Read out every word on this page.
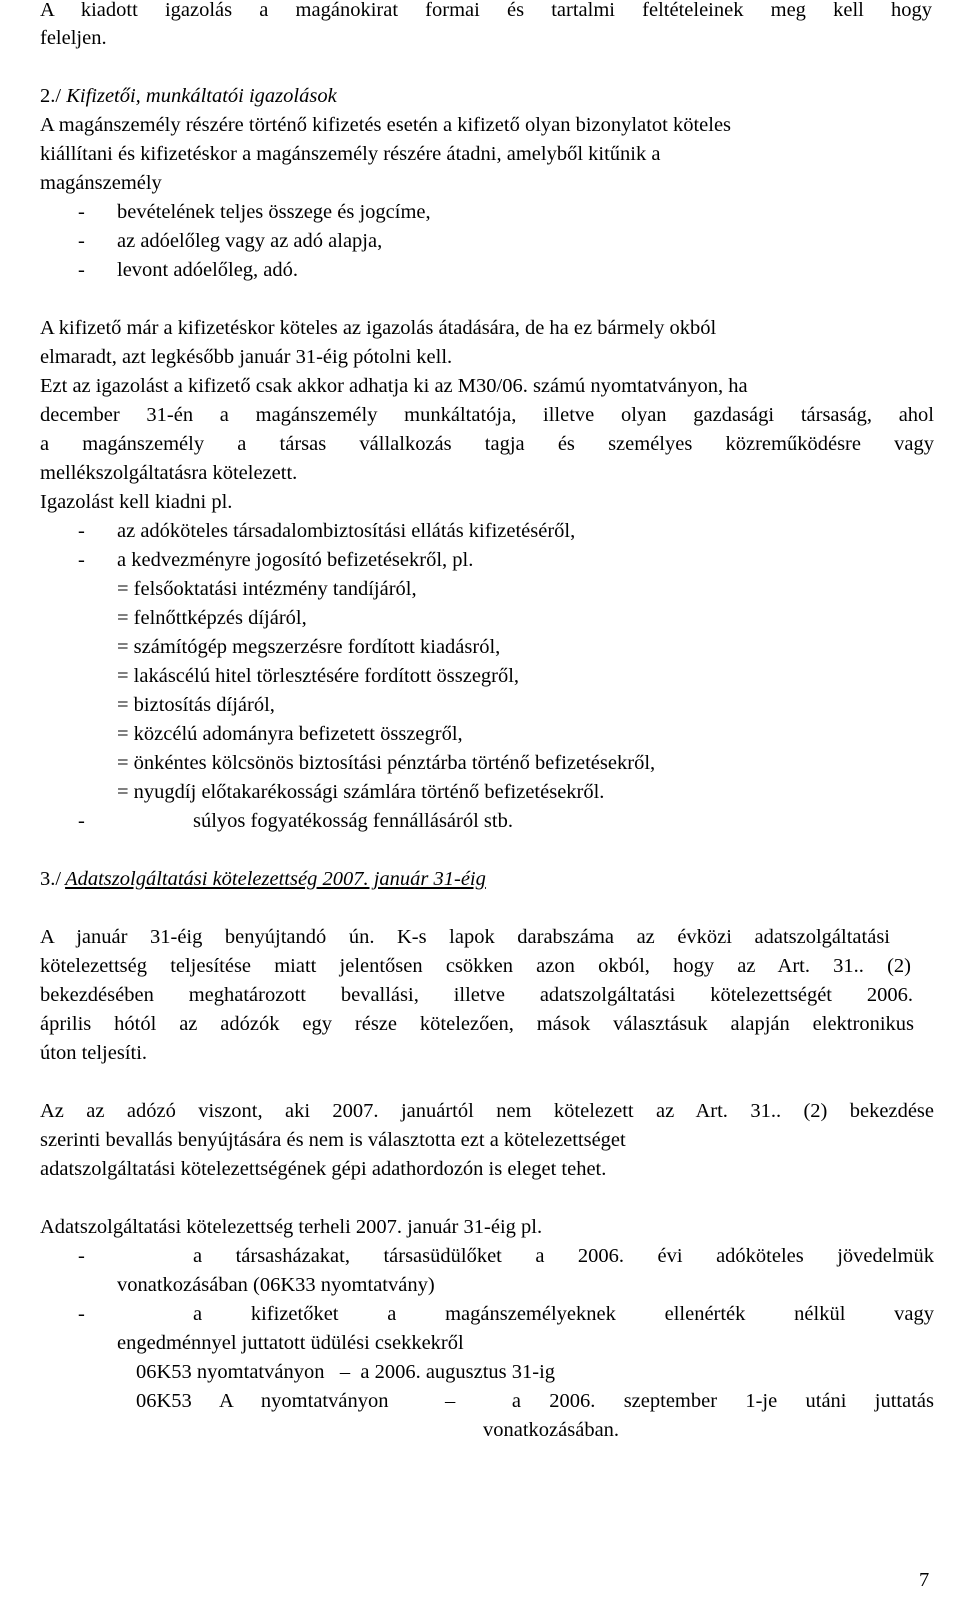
A kiadott igazolás a magánokirat formai és tartalmi feltételeinek meg kell hogy
feleljen.
2./ Kifizetői, munkáltatói igazolások
A magánszemély részére történő kifizetés esetén a kifizető olyan bizonylatot köteles
kiállítani és kifizetéskor a magánszemély részére átadni, amelyből kitűnik a
magánszemély
- bevételének teljes összege és jogcíme,
- az adóelőleg vagy az adó alapja,
- levont adóelőleg, adó.
A kifizető már a kifizetéskor köteles az igazolás átadására, de ha ez bármely okból
elmaradt, azt legkésőbb január 31-éig pótolni kell.
Ezt az igazolást a kifizető csak akkor adhatja ki az M30/06. számú nyomtatványon, ha
december 31-én a magánszemély munkáltatója, illetve olyan gazdasági társaság, ahol
a magánszemély a társas vállalkozás tagja és személyes közreműködésre vagy
mellékszolgáltatásra kötelezett.
Igazolást kell kiadni pl.
- az adóköteles társadalombiztosítási ellátás kifizetéséről,
- a kedvezményre jogosító befizetésekről, pl.
= felsőoktatási intézmény tandíjáról,
= felnőttképzés díjáról,
= számítógép megszerzésre fordított kiadásról,
= lakáscélú hitel törlesztésére fordított összegről,
= biztosítás díjáról,
= közcélú adományra befizetett összegről,
= önkéntes kölcsönös biztosítási pénztárba történő befizetésekről,
= nyugdíj előtakarékossági számlára történő befizetésekről.
-	súlyos fogyatékosság fennállásáról stb.
3./ Adatszolgáltatási kötelezettség 2007. január 31-éig
A január 31-éig benyújtandó ún. K-s lapok darabszáma az évközi adatszolgáltatási
kötelezettség teljesítése miatt jelentősen csökken azon okból, hogy az Art. 31.. (2)
bekezdésében meghatározott bevallási, illetve adatszolgáltatási kötelezettségét 2006.
április hótól az adózók egy része kötelezően, mások választásuk alapján elektronikus
úton teljesíti.
Az az adózó viszont, aki 2007. januártól nem kötelezett az Art. 31.. (2) bekezdése
szerinti bevallás benyújtására és nem is választotta ezt a kötelezettséget
adatszolgáltatási kötelezettségének gépi adathordozón is eleget tehet.
Adatszolgáltatási kötelezettség terheli 2007. január 31-éig pl.
-	a társasházakat, társasüdülőket a 2006. évi adóköteles jövedelmük
vonatkozásában (06K33 nyomtatvány)
-	a kifizetőket a magánszemélyeknek ellenérték nélkül vagy
engedménnyel juttatott üdülési csekkekről
06K53 nyomtatványon   –  a 2006. augusztus 31-ig
06K53 A nyomtatványon  –  a 2006. szeptember 1-je utáni juttatás
vonatkozásában.
7
